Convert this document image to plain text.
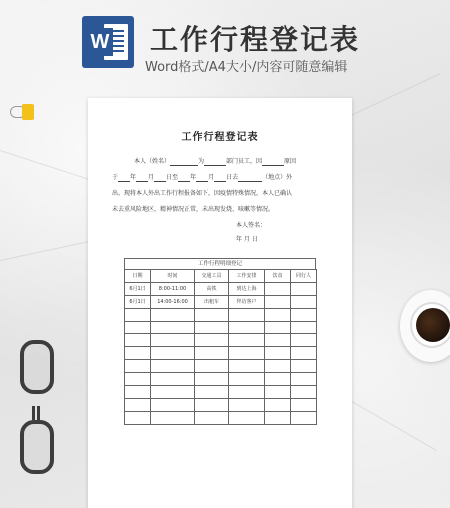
W 工作行程登记表
Word格式/A4大小/内容可随意编辑
工作行程登记表
本人（姓名）	为	部门员工，因	原因
于 年 月 日至 年 月 日去	（地点）外
出。现将本人外出工作行程报备如下，因疫情特殊情况，本人已确认
未去重风险地区，精神情况正常，未出现发烧、咳嗽等情况。
本人签名：
年 月 日
工作行程明细登记
日期	时间	交通工具	工作安排	饮食	同行人
6月1日	8:00-11:00	高铁	到达上海		
6月1日	14:00-16:00	出租车	拜访客户		
